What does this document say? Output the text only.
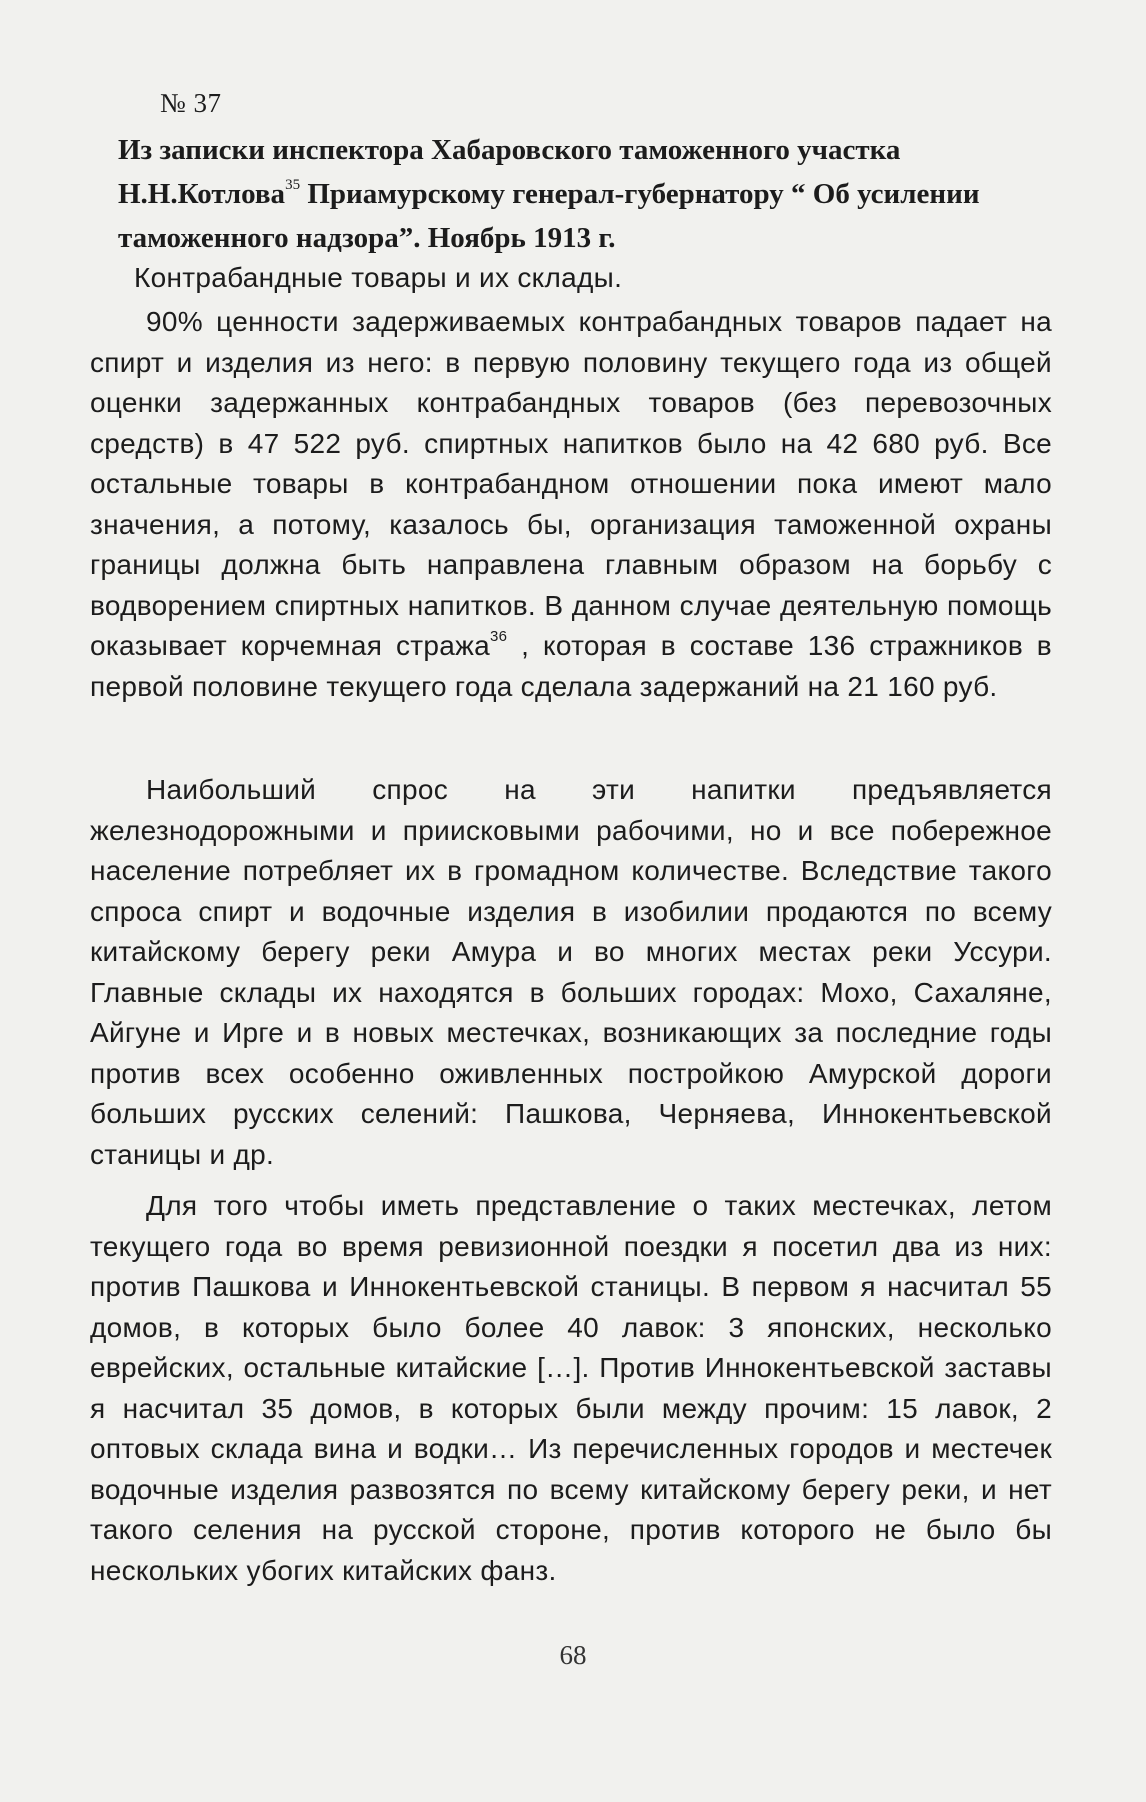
№ 37
Из записки инспектора Хабаровского таможенного участка
Н.Н.Котлова$^{35}$ Приамурскому генерал-губернатору “ Об усилении
таможенного надзора”. Ноябрь 1913 г.
Контрабандные товары и их склады.
90% ценности задерживаемых контрабандных товаров падает на спирт и изделия из него: в первую половину текущего года из общей оценки задержанных контрабандных товаров (без перевозочных средств) в 47 522 руб. спиртных напитков было на 42 680 руб. Все остальные товары в контрабандном отношении пока имеют мало значения, а потому, казалось бы, организация таможенной охраны границы должна быть направлена главным образом на борьбу с водворением спиртных напитков. В данном случае деятельную помощь оказывает корчемная стража$^{36}$ , которая в составе 136 стражников в первой половине текущего года сделала задержаний на 21 160 руб.
Наибольший спрос на эти напитки предъявляется железнодорожными и приисковыми рабочими, но и все побережное население потребляет их в громадном количестве. Вследствие такого спроса спирт и водочные изделия в изобилии продаются по всему китайскому берегу реки Амура и во многих местах реки Уссури. Главные склады их находятся в больших городах: Мохо, Сахаляне, Айгуне и Ирге и в новых местечках, возникающих за последние годы против всех особенно оживленных постройкою Амурской дороги больших русских селений: Пашкова, Черняева, Иннокентьевской станицы и др.
Для того чтобы иметь представление о таких местечках, летом текущего года во время ревизионной поездки я посетил два из них: против Пашкова и Иннокентьевской станицы. В первом я насчитал 55 домов, в которых было более 40 лавок: 3 японских, несколько еврейских, остальные китайские […]. Против Иннокентьевской заставы я насчитал 35 домов, в которых были между прочим: 15 лавок, 2 оптовых склада вина и водки… Из перечисленных городов и местечек водочные изделия развозятся по всему китайскому берегу реки, и нет такого селения на русской стороне, против которого не было бы нескольких убогих китайских фанз.
68
